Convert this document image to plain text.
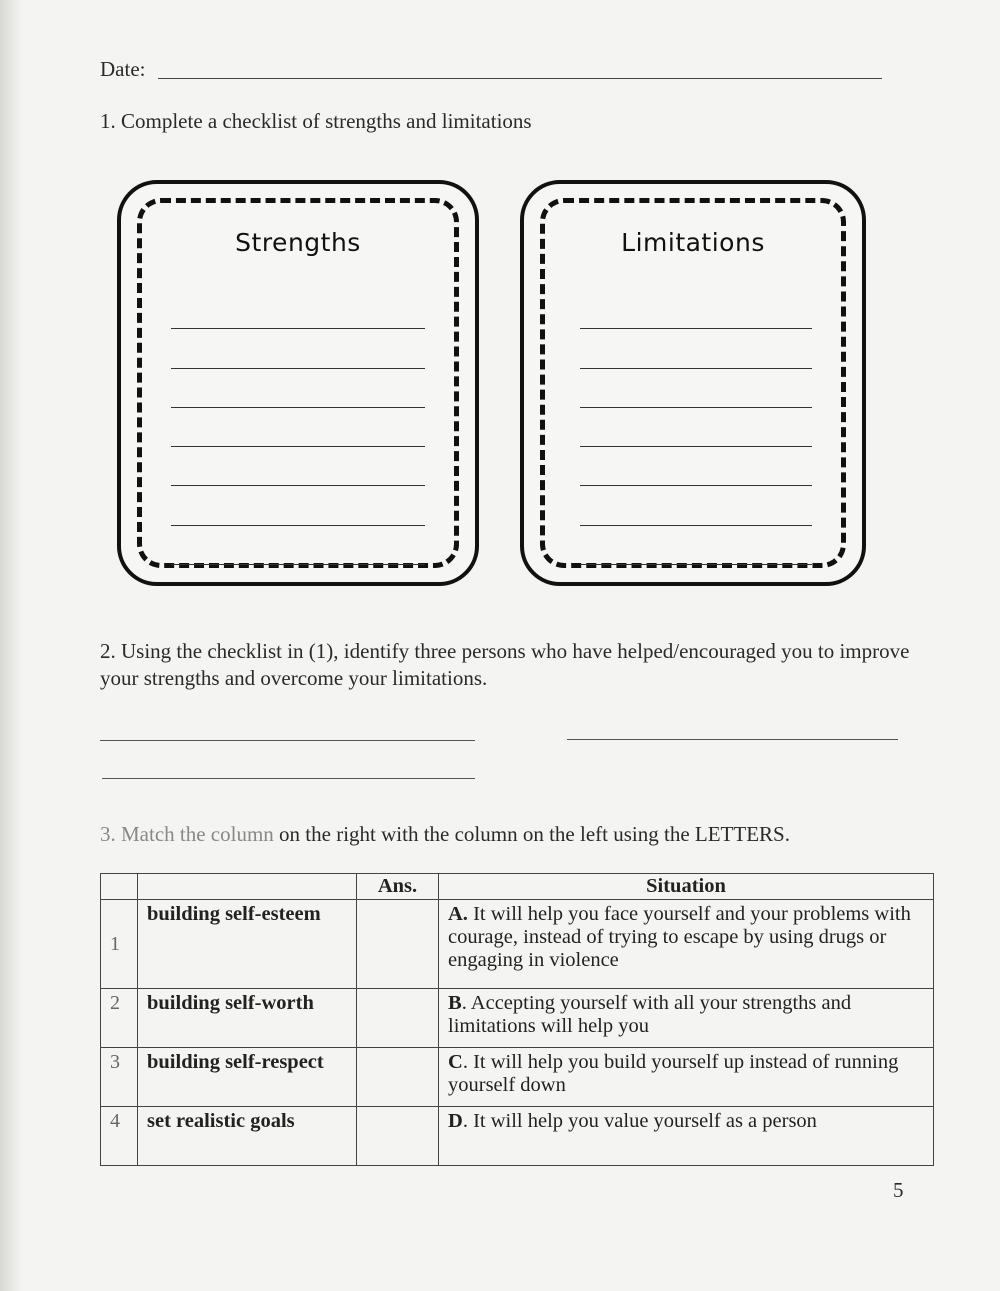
Date:
1. Complete a checklist of strengths and limitations
Strengths	Limitations
2. Using the checklist in (1), identify three persons who have helped/encouraged you to improve your strengths and overcome your limitations.
3. Match the column on the right with the column on the left using the LETTERS.
		Ans.	Situation
1	building self-esteem		A. It will help you face yourself and your problems with courage, instead of trying to escape by using drugs or engaging in violence
2	building self-worth		B. Accepting yourself with all your strengths and limitations will help you
3	building self-respect		C. It will help you build yourself up instead of running yourself down
4	set realistic goals		D. It will help you value yourself as a person
5
